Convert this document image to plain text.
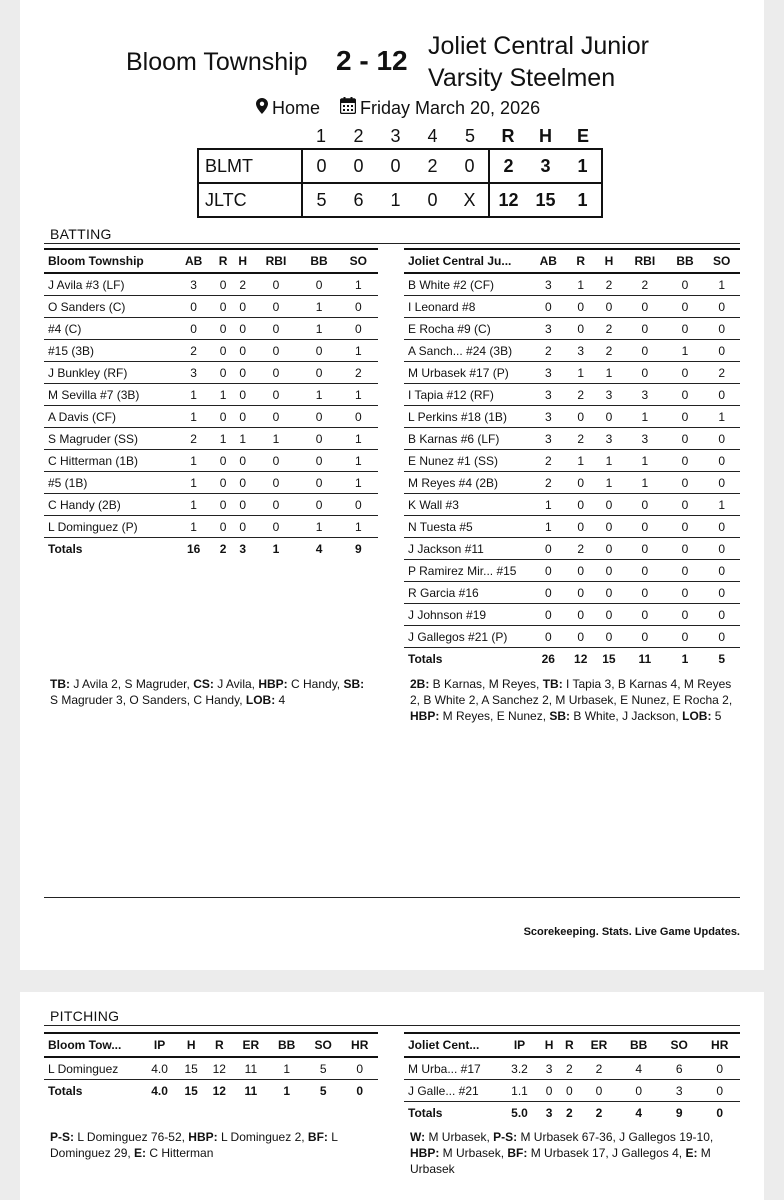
Bloom Township 2 - 12 Joliet Central Junior Varsity Steelmen
Home Friday March 20, 2026
	1	2	3	4	5	R	H	E
BLMT	0	0	0	2	0	2	3	1
JLTC	5	6	1	0	X	12	15	1
BATTING
Bloom Township	AB	R	H	RBI	BB	SO
J Avila #3 (LF)	3	0	2	0	0	1
O Sanders (C)	0	0	0	0	1	0
#4 (C)	0	0	0	0	1	0
#15 (3B)	2	0	0	0	0	1
J Bunkley (RF)	3	0	0	0	0	2
M Sevilla #7 (3B)	1	1	0	0	1	1
A Davis (CF)	1	0	0	0	0	0
S Magruder (SS)	2	1	1	1	0	1
C Hitterman (1B)	1	0	0	0	0	1
#5 (1B)	1	0	0	0	0	1
C Handy (2B)	1	0	0	0	0	0
L Dominguez (P)	1	0	0	0	1	1
Totals	16	2	3	1	4	9
Joliet Central Ju...	AB	R	H	RBI	BB	SO
B White #2 (CF)	3	1	2	2	0	1
I Leonard #8	0	0	0	0	0	0
E Rocha #9 (C)	3	0	2	0	0	0
A Sanch... #24 (3B)	2	3	2	0	1	0
M Urbasek #17 (P)	3	1	1	0	0	2
I Tapia #12 (RF)	3	2	3	3	0	0
L Perkins #18 (1B)	3	0	0	1	0	1
B Karnas #6 (LF)	3	2	3	3	0	0
E Nunez #1 (SS)	2	1	1	1	0	0
M Reyes #4 (2B)	2	0	1	1	0	0
K Wall #3	1	0	0	0	0	1
N Tuesta #5	1	0	0	0	0	0
J Jackson #11	0	2	0	0	0	0
P Ramirez Mir... #15	0	0	0	0	0	0
R Garcia #16	0	0	0	0	0	0
J Johnson #19	0	0	0	0	0	0
J Gallegos #21 (P)	0	0	0	0	0	0
Totals	26	12	15	11	1	5
TB: J Avila 2, S Magruder, CS: J Avila, HBP: C Handy, SB: S Magruder 3, O Sanders, C Handy, LOB: 4
2B: B Karnas, M Reyes, TB: I Tapia 3, B Karnas 4, M Reyes 2, B White 2, A Sanchez 2, M Urbasek, E Nunez, E Rocha 2, HBP: M Reyes, E Nunez, SB: B White, J Jackson, LOB: 5
Scorekeeping. Stats. Live Game Updates.
PITCHING
Bloom Tow...	IP	H	R	ER	BB	SO	HR
L Dominguez	4.0	15	12	11	1	5	0
Totals	4.0	15	12	11	1	5	0
Joliet Cent...	IP	H	R	ER	BB	SO	HR
M Urba... #17	3.2	3	2	2	4	6	0
J Galle... #21	1.1	0	0	0	0	3	0
Totals	5.0	3	2	2	4	9	0
P-S: L Dominguez 76-52, HBP: L Dominguez 2, BF: L Dominguez 29, E: C Hitterman
W: M Urbasek, P-S: M Urbasek 67-36, J Gallegos 19-10, HBP: M Urbasek, BF: M Urbasek 17, J Gallegos 4, E: M Urbasek
